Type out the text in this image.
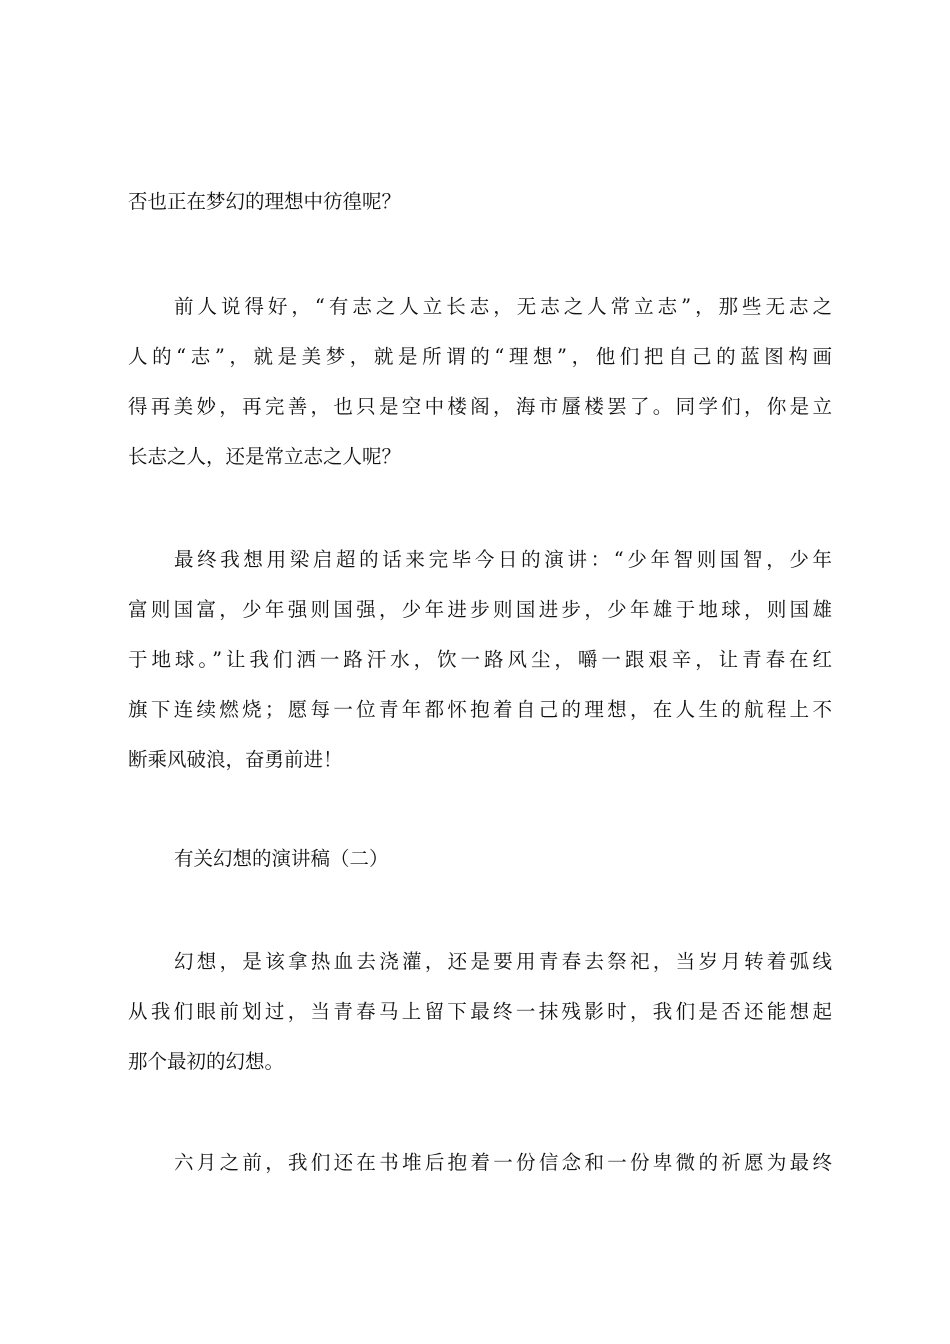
否也正在梦幻的理想中彷徨呢？
前人说得好，“有志之人立长志，无志之人常立志”，那些无志之
人的“志”，就是美梦，就是所谓的“理想”，他们把自己的蓝图构画
得再美妙，再完善，也只是空中楼阁，海市蜃楼罢了。同学们，你是立
长志之人，还是常立志之人呢？
最终我想用梁启超的话来完毕今日的演讲：“少年智则国智，少年
富则国富，少年强则国强，少年进步则国进步，少年雄于地球，则国雄
于地球。”让我们洒一路汗水，饮一路风尘，嚼一跟艰辛，让青春在红
旗下连续燃烧；愿每一位青年都怀抱着自己的理想，在人生的航程上不
断乘风破浪，奋勇前进！
有关幻想的演讲稿（二）
幻想，是该拿热血去浇灌，还是要用青春去祭祀，当岁月转着弧线
从我们眼前划过，当青春马上留下最终一抹残影时，我们是否还能想起
那个最初的幻想。
六月之前，我们还在书堆后抱着一份信念和一份卑微的祈愿为最终
